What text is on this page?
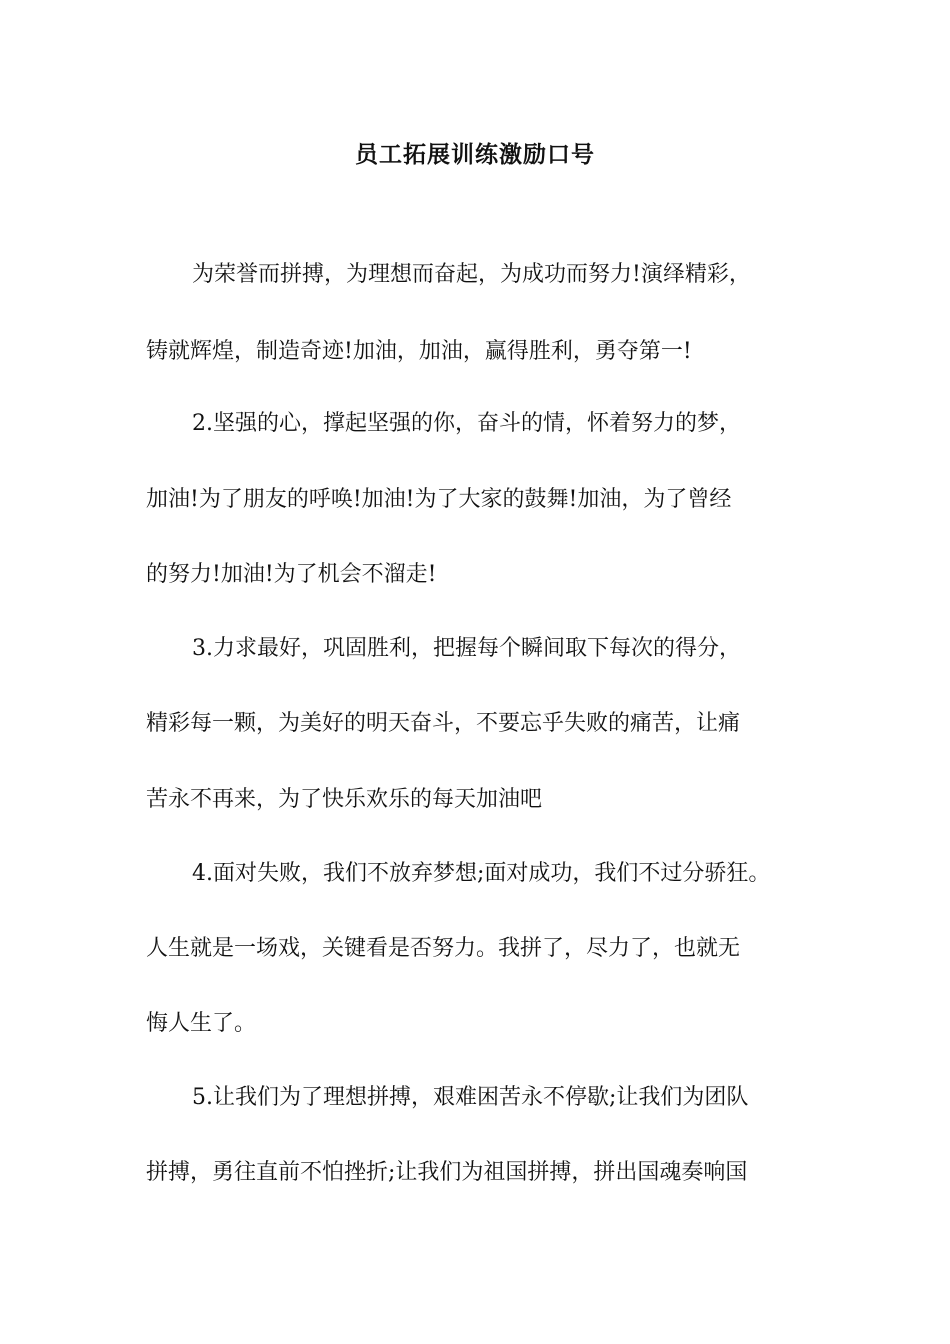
员工拓展训练激励口号

为荣誉而拼搏，为理想而奋起，为成功而努力!演绎精彩，

铸就辉煌，制造奇迹!加油，加油，赢得胜利，勇夺第一!

2.坚强的心，撑起坚强的你，奋斗的情，怀着努力的梦，

加油!为了朋友的呼唤!加油!为了大家的鼓舞!加油，为了曾经

的努力!加油!为了机会不溜走!

3.力求最好，巩固胜利，把握每个瞬间取下每次的得分，

精彩每一颗，为美好的明天奋斗，不要忘乎失败的痛苦，让痛

苦永不再来，为了快乐欢乐的每天加油吧

4.面对失败，我们不放弃梦想;面对成功，我们不过分骄狂。

人生就是一场戏，关键看是否努力。我拼了，尽力了，也就无

悔人生了。

5.让我们为了理想拼搏，艰难困苦永不停歇;让我们为团队

拼搏，勇往直前不怕挫折;让我们为祖国拼搏，拼出国魂奏响国
